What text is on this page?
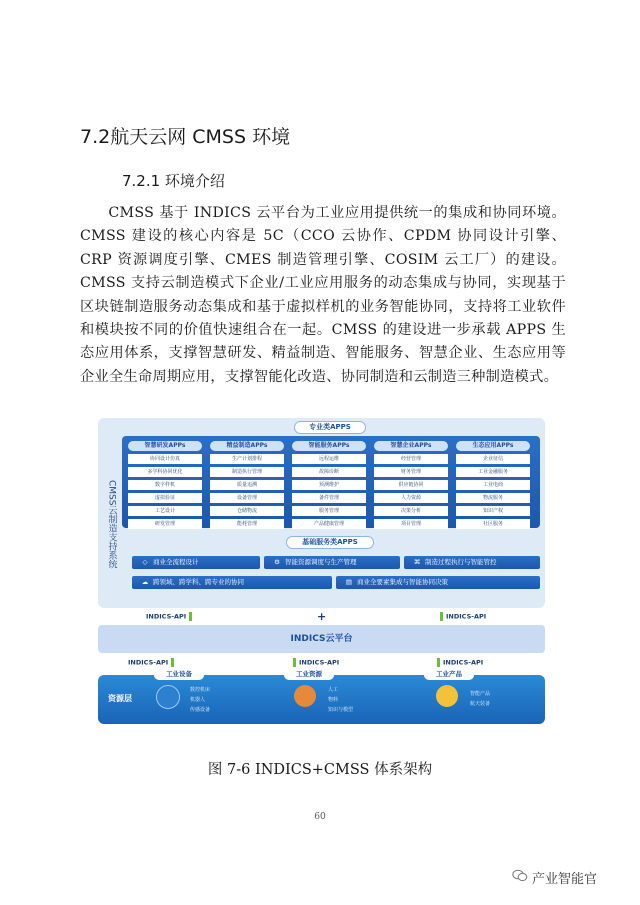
7.2航天云网 CMSS 环境
7.2.1 环境介绍
CMSS 基于 INDICS 云平台为工业应用提供统一的集成和协同环境。CMSS 建设的核心内容是 5C（CCO 云协作、CPDM 协同设计引擎、CRP 资源调度引擎、CMES 制造管理引擎、COSIM 云工厂）的建设。CMSS 支持云制造模式下企业/工业应用服务的动态集成与协同，实现基于区块链制造服务动态集成和基于虚拟样机的业务智能协同，支持将工业软件和模块按不同的价值快速组合在一起。CMSS 的建设进一步承载 APPS 生态应用体系，支撑智慧研发、精益制造、智能服务、智慧企业、生态应用等企业全生命周期应用，支撑智能化改造、协同制造和云制造三种制造模式。
CMSS云制造支持系统
专业类APPS
智慧研发APPs
协同设计仿真
多学科协同优化
数字样机
虚拟验证
工艺设计
研发管理
精益制造APPs
生产计划排程
制造执行管理
质量追溯
设备管理
仓储物流
能耗管理
智能服务APPs
远程运维
故障诊断
预测维护
备件管理
服务管理
产品健康管理
智慧企业APPs
经营管理
财务管理
供应链协同
人力资源
决策分析
项目管理
生态应用APPs
企业征信
工业金融服务
工业电商
物流服务
知识产权
社区服务
基础服务类APPS
◇ 商业全流程设计	⚙ 智能资源调度与生产管理	⌘ 制造过程执行与智能管控
☁ 跨领域、跨学科、跨专业的协同	▤ 商业全要素集成与智能协同决策
INDICS-API	+	INDICS-API
INDICS云平台
INDICS-API	INDICS-API	INDICS-API
资源层
工业设备	工业资源	工业产品
数控机床
机器人
传感设备
人工
物料
知识与模型
智能产品
航天装备
图 7-6 INDICS+CMSS 体系架构
60
产业智能官
